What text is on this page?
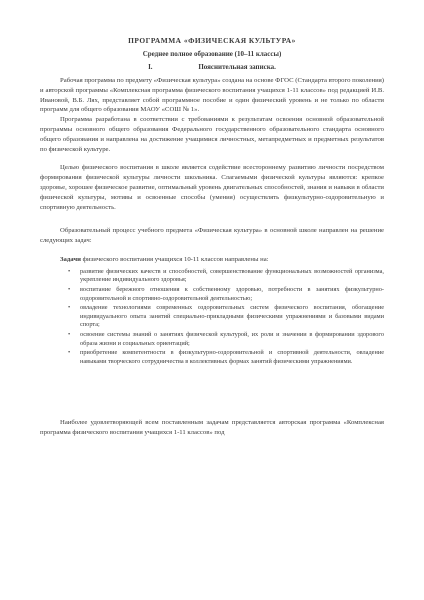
ПРОГРАММА «ФИЗИЧЕСКАЯ КУЛЬТУРА»
Среднее полное образование (10–11 классы)
I.	Пояснительная записка.

Рабочая программа по предмету «Физическая культура» создана на основе ФГОС (Стандарта второго поколения) и авторской программы «Комплексная программа физического воспитания учащихся 1-11 классов» под редакцией И.В. Ивановой, В.Б. Лях, представляет собой программное пособие и один физический уровень и не только по области программ для общего образования МАОУ «СОШ № 1».

Программа разработана в соответствии с требованиями к результатам освоения основной образовательной программы основного общего образования Федерального государственного образовательного стандарта основного общего образования и направлена на достижение учащимися личностных, метапредметных и предметных результатов по физической культуре.

Целью физического воспитания в школе является содействие всестороннему развитию личности посредством формирования физической культуры личности школьника. Слагаемыми физической культуры являются: крепкое здоровье, хорошее физическое развитие, оптимальный уровень двигательных способностей, знания и навыки в области физической культуры, мотивы и освоенные способы (умения) осуществлять физкультурно-оздоровительную и спортивную деятельность.

Образовательный процесс учебного предмета «Физическая культура» в основной школе направлен на решение следующих задач:

Задачи физического воспитания учащихся 10-11 классов направлены на:
• развитие физических качеств и способностей, совершенствование функциональных возможностей организма, укрепление индивидуального здоровья;
• воспитание бережного отношения к собственному здоровью, потребности в занятиях физкультурно-оздоровительной и спортивно-оздоровительной деятельностью;
• овладение технологиями современных оздоровительных систем физического воспитания, обогащение индивидуального опыта занятий специально-прикладными физическими упражнениями и базовыми видами спорта;
• освоение системы знаний о занятиях физической культурой, их роли и значении в формировании здорового образа жизни и социальных ориентаций;
• приобретение компетентности в физкультурно-оздоровительной и спортивной деятельности, овладение навыками творческого сотрудничества в коллективных формах занятий физическими упражнениями.

Наиболее удовлетворяющей всем поставленным задачам представляется авторская программа «Комплексная программа физического воспитания учащихся 1-11 классов» под
